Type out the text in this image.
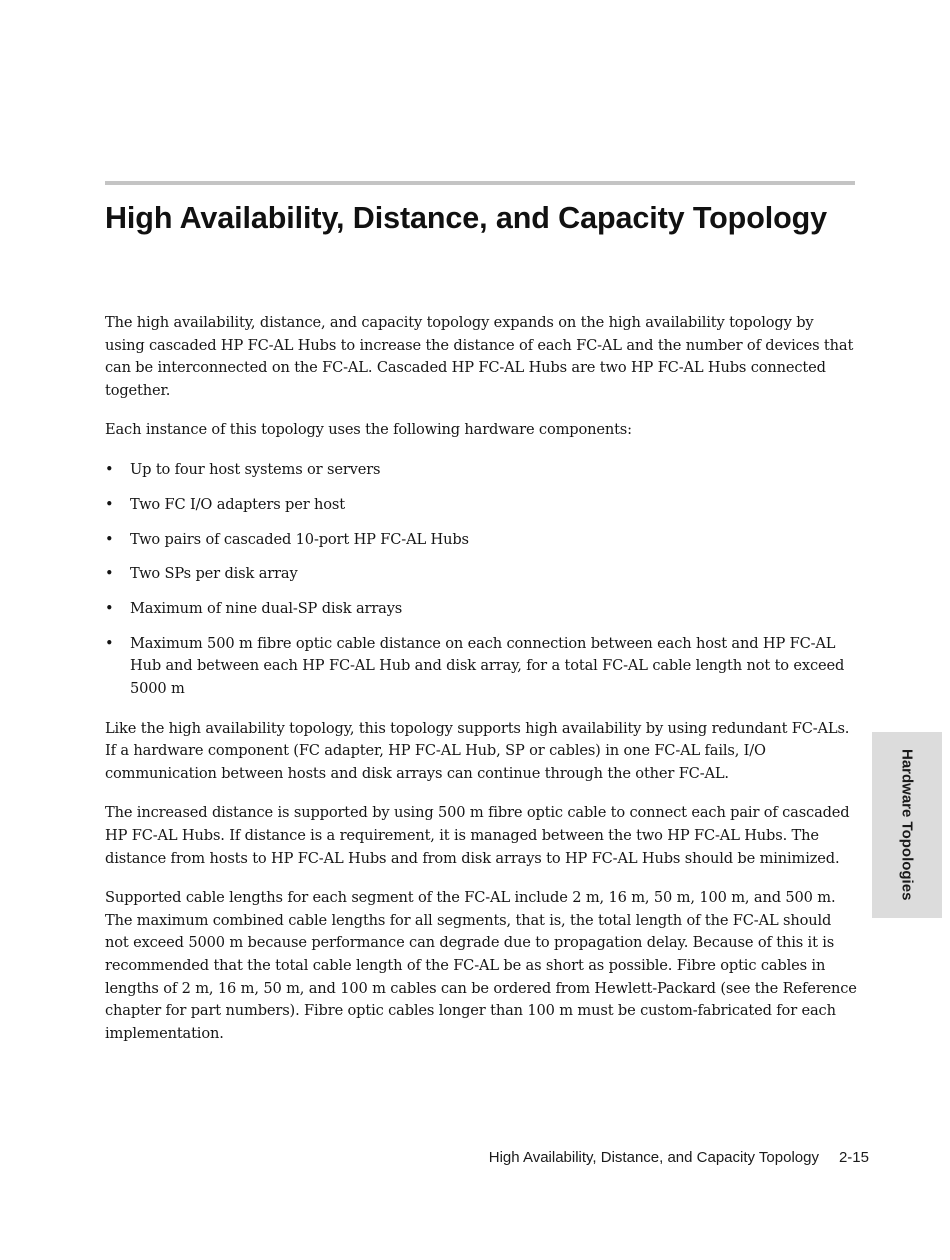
High Availability, Distance, and Capacity Topology

The high availability, distance, and capacity topology expands on the high availability topology by using cascaded HP FC-AL Hubs to increase the distance of each FC-AL and the number of devices that can be interconnected on the FC-AL. Cascaded HP FC-AL Hubs are two HP FC-AL Hubs connected together.

Each instance of this topology uses the following hardware components:

• Up to four host systems or servers
• Two FC I/O adapters per host
• Two pairs of cascaded 10-port HP FC-AL Hubs
• Two SPs per disk array
• Maximum of nine dual-SP disk arrays
• Maximum 500 m fibre optic cable distance on each connection between each host and HP FC-AL Hub and between each HP FC-AL Hub and disk array, for a total FC-AL cable length not to exceed 5000 m

Like the high availability topology, this topology supports high availability by using redundant FC-ALs. If a hardware component (FC adapter, HP FC-AL Hub, SP or cables) in one FC-AL fails, I/O communication between hosts and disk arrays can continue through the other FC-AL.

The increased distance is supported by using 500 m fibre optic cable to connect each pair of cascaded HP FC-AL Hubs. If distance is a requirement, it is managed between the two HP FC-AL Hubs. The distance from hosts to HP FC-AL Hubs and from disk arrays to HP FC-AL Hubs should be minimized.

Supported cable lengths for each segment of the FC-AL include 2 m, 16 m, 50 m, 100 m, and 500 m. The maximum combined cable lengths for all segments, that is, the total length of the FC-AL should not exceed 5000 m because performance can degrade due to propagation delay. Because of this it is recommended that the total cable length of the FC-AL be as short as possible. Fibre optic cables in lengths of 2 m, 16 m, 50 m, and 100 m cables can be ordered from Hewlett-Packard (see the Reference chapter for part numbers). Fibre optic cables longer than 100 m must be custom-fabricated for each implementation.

Hardware Topologies
High Availability, Distance, and Capacity Topology 2-15
